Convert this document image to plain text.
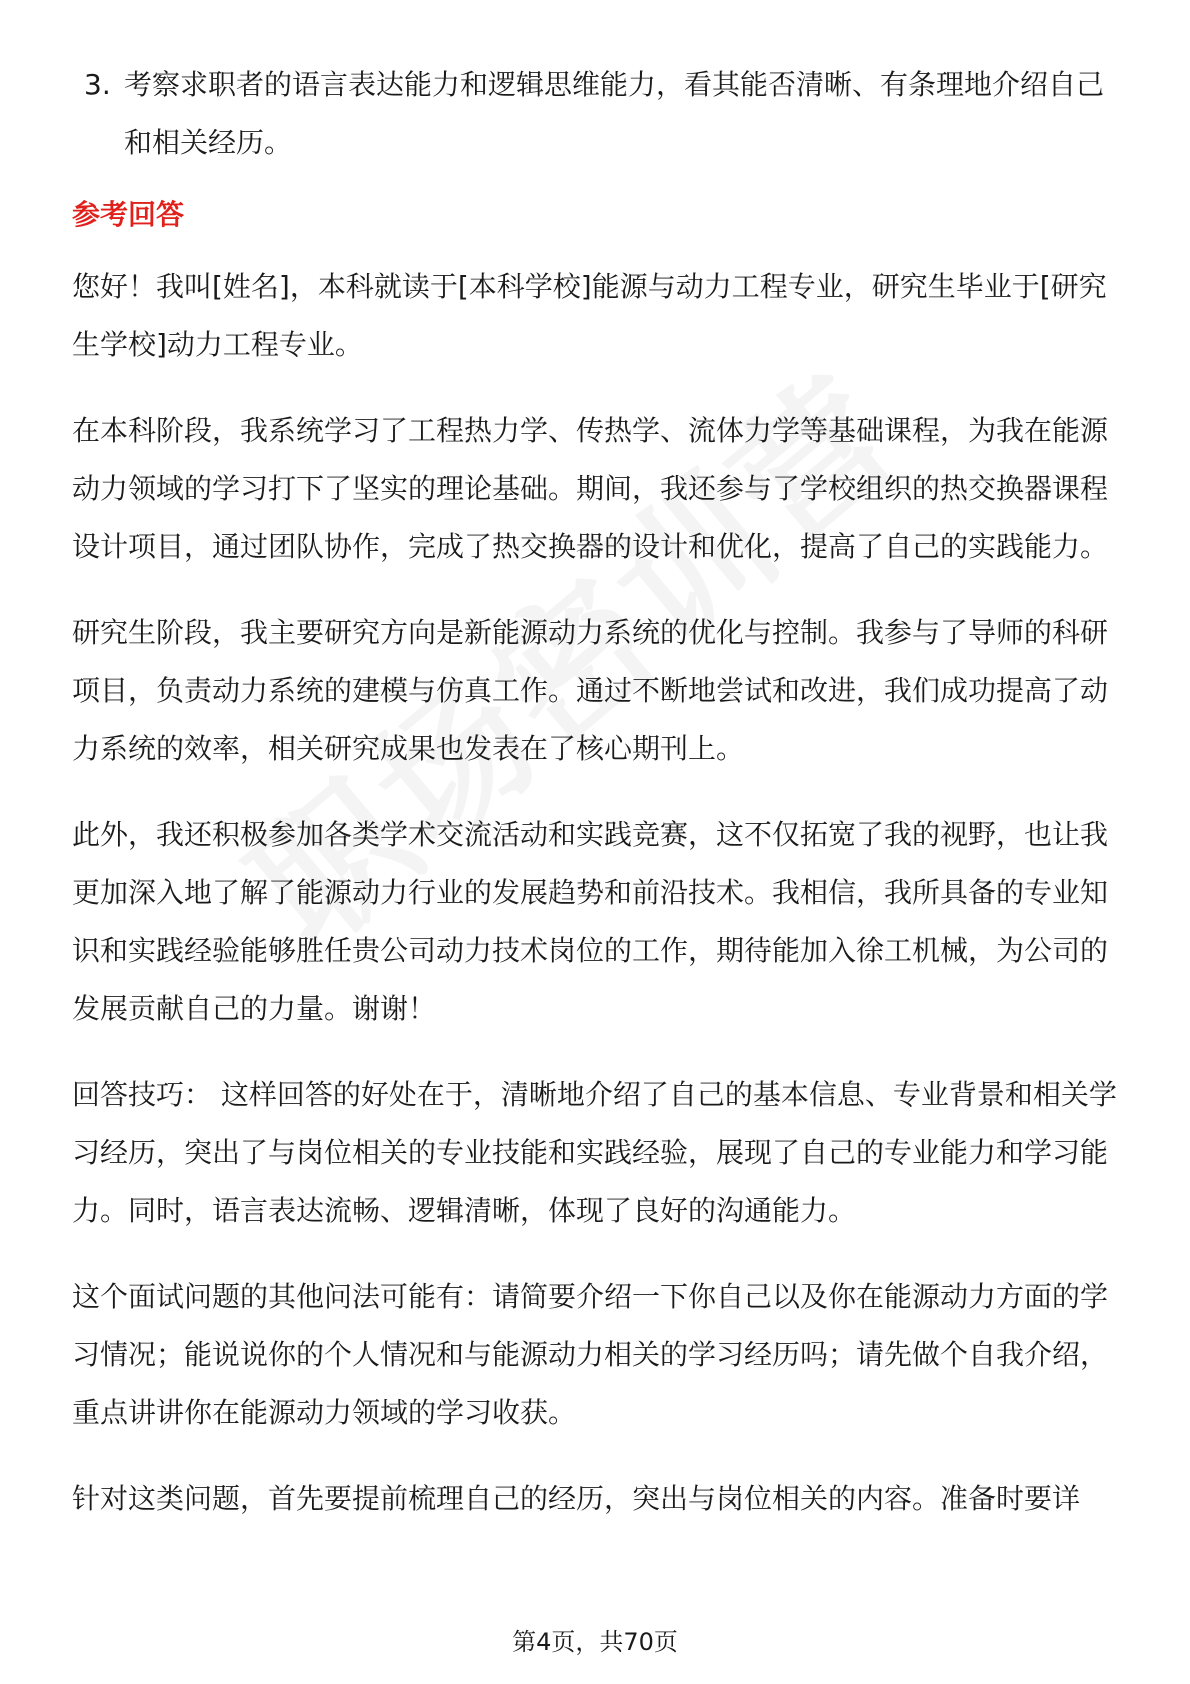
3. 考察求职者的语言表达能力和逻辑思维能力，看其能否清晰、有条理地介绍自己和相关经历。
参考回答

您好！我叫[姓名]，本科就读于[本科学校]能源与动力工程专业，研究生毕业于[研究生学校]动力工程专业。

在本科阶段，我系统学习了工程热力学、传热学、流体力学等基础课程，为我在能源动力领域的学习打下了坚实的理论基础。期间，我还参与了学校组织的热交换器课程设计项目，通过团队协作，完成了热交换器的设计和优化，提高了自己的实践能力。

研究生阶段，我主要研究方向是新能源动力系统的优化与控制。我参与了导师的科研项目，负责动力系统的建模与仿真工作。通过不断地尝试和改进，我们成功提高了动力系统的效率，相关研究成果也发表在了核心期刊上。

此外，我还积极参加各类学术交流活动和实践竞赛，这不仅拓宽了我的视野，也让我更加深入地了解了能源动力行业的发展趋势和前沿技术。我相信，我所具备的专业知识和实践经验能够胜任贵公司动力技术岗位的工作，期待能加入徐工机械，为公司的发展贡献自己的力量。谢谢！

回答技巧： 这样回答的好处在于，清晰地介绍了自己的基本信息、专业背景和相关学习经历，突出了与岗位相关的专业技能和实践经验，展现了自己的专业能力和学习能力。同时，语言表达流畅、逻辑清晰，体现了良好的沟通能力。

这个面试问题的其他问法可能有：请简要介绍一下你自己以及你在能源动力方面的学习情况；能说说你的个人情况和与能源动力相关的学习经历吗；请先做个自我介绍，重点讲讲你在能源动力领域的学习收获。

针对这类问题，首先要提前梳理自己的经历，突出与岗位相关的内容。准备时要详

第4页，共70页
